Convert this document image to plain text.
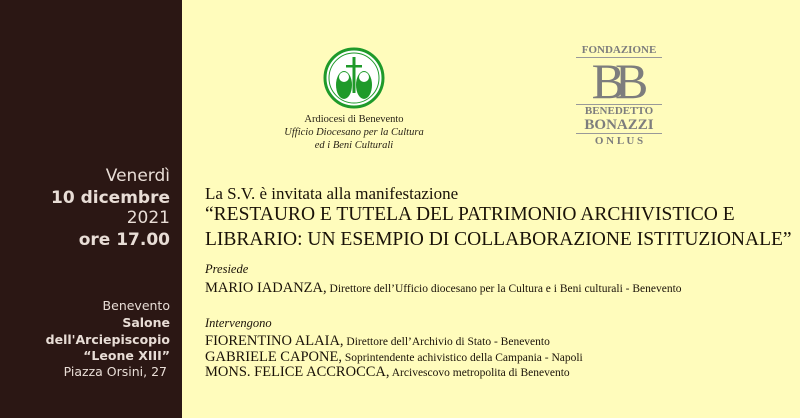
Venerdì
10 dicembre
2021
ore 17.00
Benevento
Salone
dell'Arciepiscopio
“Leone XIII”
Piazza Orsini, 27
Ardiocesi di Benevento
Ufficio Diocesano per la Cultura
ed i Beni Culturali
FONDAZIONE
BB
BENEDETTO
BONAZZI
O N L U S
La S.V. è invitata alla manifestazione
“RESTAURO E TUTELA DEL PATRIMONIO ARCHIVISTICO E
LIBRARIO: UN ESEMPIO DI COLLABORAZIONE ISTITUZIONALE”
Presiede
MARIO IADANZA, Direttore dell’Ufficio diocesano per la Cultura e i Beni culturali - Benevento
Intervengono
FIORENTINO ALAIA, Direttore dell’Archivio di Stato - Benevento
GABRIELE CAPONE, Soprintendente achivistico della Campania - Napoli
MONS. FELICE ACCROCCA, Arcivescovo metropolita di Benevento
